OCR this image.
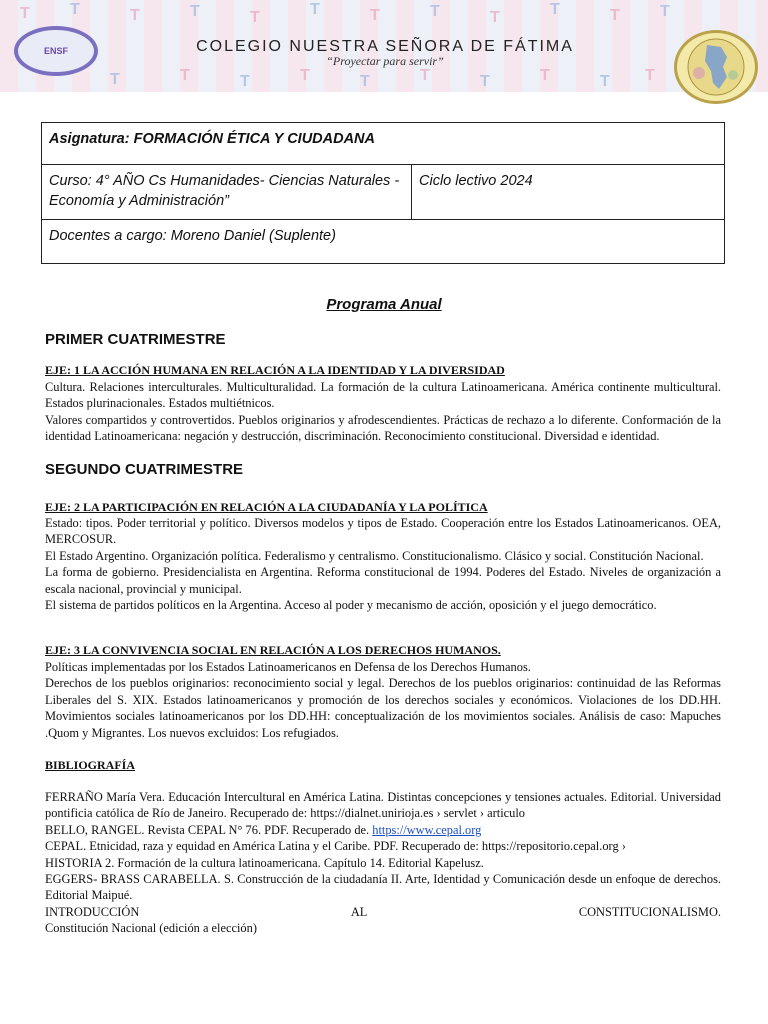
T	T	T	T	T	T	T	T	T	T	T	T
T	T	T	T	T	T	T	T	T T
ENSF	COLEGIO NUESTRA SEÑORA DE FÁTIMA
“Proyectar para servir”
Asignatura: FORMACIÓN ÉTICA Y CIUDADANA
Curso: 4° AÑO Cs Humanidades- Ciencias Naturales - Economía y Administración”	Ciclo lectivo 2024
Docentes a cargo: Moreno Daniel (Suplente)
Programa Anual
PRIMER CUATRIMESTRE
EJE: 1 LA ACCIÓN HUMANA EN RELACIÓN A LA IDENTIDAD Y LA DIVERSIDAD

Cultura. Relaciones interculturales. Multiculturalidad. La formación de la cultura Latinoamericana. América continente multicultural. Estados plurinacionales. Estados multiétnicos.

Valores compartidos y controvertidos. Pueblos originarios y afrodescendientes. Prácticas de rechazo a lo diferente. Conformación de la identidad Latinoamericana: negación y destrucción, discriminación. Reconocimiento constitucional. Diversidad e identidad.

SEGUNDO CUATRIMESTRE
EJE: 2 LA PARTICIPACIÓN EN RELACIÓN A LA CIUDADANÍA Y LA POLÍTICA

Estado: tipos. Poder territorial y político. Diversos modelos y tipos de Estado. Cooperación entre los Estados Latinoamericanos. OEA, MERCOSUR.

El Estado Argentino. Organización política. Federalismo y centralismo. Constitucionalismo. Clásico y social. Constitución Nacional.

La forma de gobierno. Presidencialista en Argentina. Reforma constitucional de 1994. Poderes del Estado. Niveles de organización a escala nacional, provincial y municipal.

El sistema de partidos políticos en la Argentina. Acceso al poder y mecanismo de acción, oposición y el juego democrático.

EJE: 3 LA CONVIVENCIA SOCIAL EN RELACIÓN A LOS DERECHOS HUMANOS.

Políticas implementadas por los Estados Latinoamericanos en Defensa de los Derechos Humanos.

Derechos de los pueblos originarios: reconocimiento social y legal. Derechos de los pueblos originarios: continuidad de las Reformas Liberales del S. XIX. Estados latinoamericanos y promoción de los derechos sociales y económicos. Violaciones de los DD.HH. Movimientos sociales latinoamericanos por los DD.HH: conceptualización de los movimientos sociales. Análisis de caso: Mapuches .Quom y Migrantes. Los nuevos excluidos: Los refugiados.

BIBLIOGRAFÍA

FERRAÑO María Vera. Educación Intercultural en América Latina. Distintas concepciones y tensiones actuales. Editorial. Universidad pontificia católica de Río de Janeiro. Recuperado de: https://dialnet.unirioja.es › servlet › articulo

BELLO, RANGEL. Revista CEPAL N° 76. PDF. Recuperado de. https://www.cepal.org

CEPAL. Etnicidad, raza y equidad en América Latina y el Caribe. PDF. Recuperado de: https://repositorio.cepal.org ›

HISTORIA 2. Formación de la cultura latinoamericana. Capítulo 14. Editorial Kapelusz.

EGGERS- BRASS CARABELLA. S. Construcción de la ciudadanía II. Arte, Identidad y Comunicación desde un enfoque de derechos. Editorial Maipué.

INTRODUCCIÓN	AL	CONSTITUCIONALISMO.

Constitución Nacional (edición a elección)
